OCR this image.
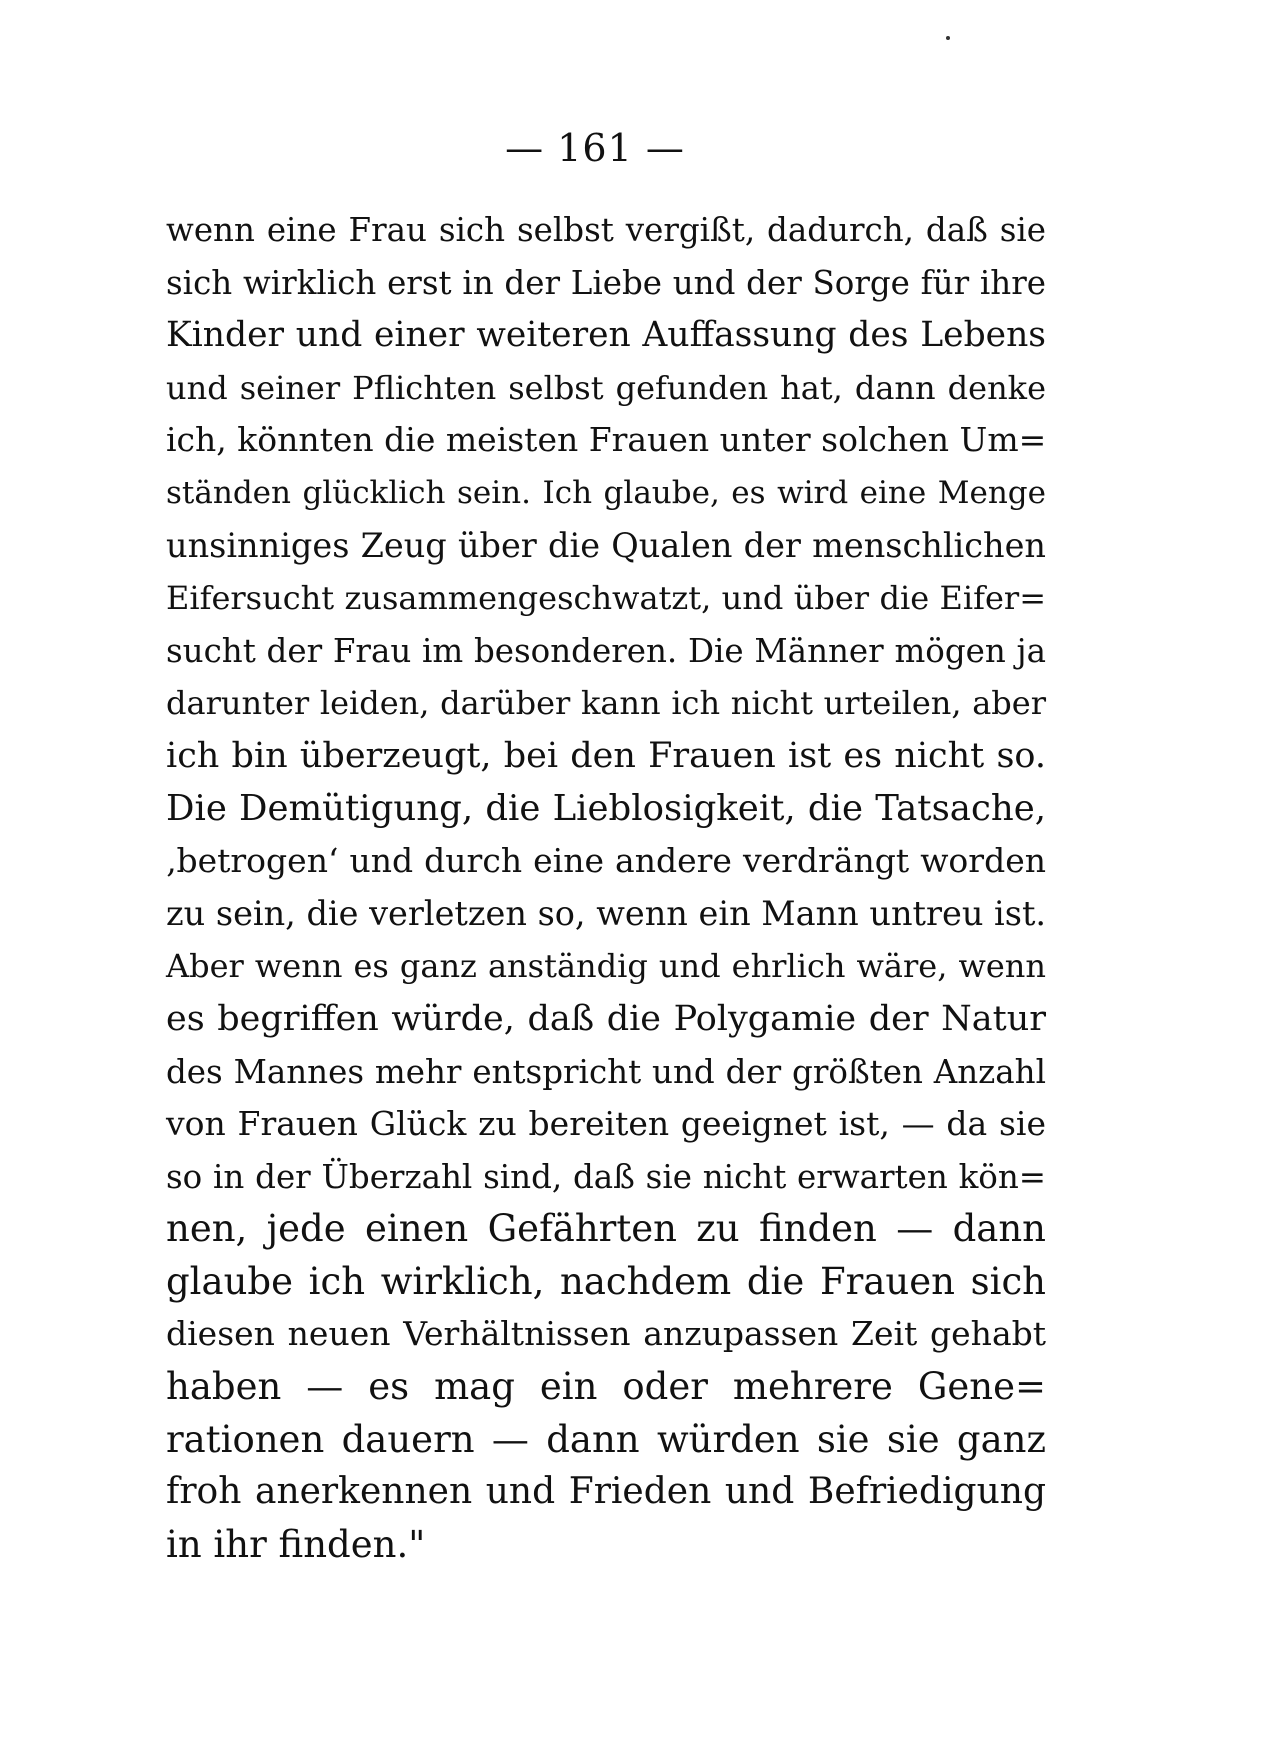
— 161 —
wenn eine Frau sich selbst vergißt, dadurch, daß sie
sich wirklich erst in der Liebe und der Sorge für ihre
Kinder und einer weiteren Auffassung des Lebens
und seiner Pflichten selbst gefunden hat, dann denke
ich, könnten die meisten Frauen unter solchen Um=
ständen glücklich sein. Ich glaube, es wird eine Menge
unsinniges Zeug über die Qualen der menschlichen
Eifersucht zusammengeschwatzt, und über die Eifer=
sucht der Frau im besonderen. Die Männer mögen ja
darunter leiden, darüber kann ich nicht urteilen, aber
ich bin überzeugt, bei den Frauen ist es nicht so.
Die Demütigung, die Lieblosigkeit, die Tatsache,
‚betrogen‘ und durch eine andere verdrängt worden
zu sein, die verletzen so, wenn ein Mann untreu ist.
Aber wenn es ganz anständig und ehrlich wäre, wenn
es begriffen würde, daß die Polygamie der Natur
des Mannes mehr entspricht und der größten Anzahl
von Frauen Glück zu bereiten geeignet ist, — da sie
so in der Überzahl sind, daß sie nicht erwarten kön=
nen, jede einen Gefährten zu finden — dann
glaube ich wirklich, nachdem die Frauen sich
diesen neuen Verhältnissen anzupassen Zeit gehabt
haben — es mag ein oder mehrere Gene=
rationen dauern — dann würden sie sie ganz
froh anerkennen und Frieden und Befriedigung
in ihr finden."
